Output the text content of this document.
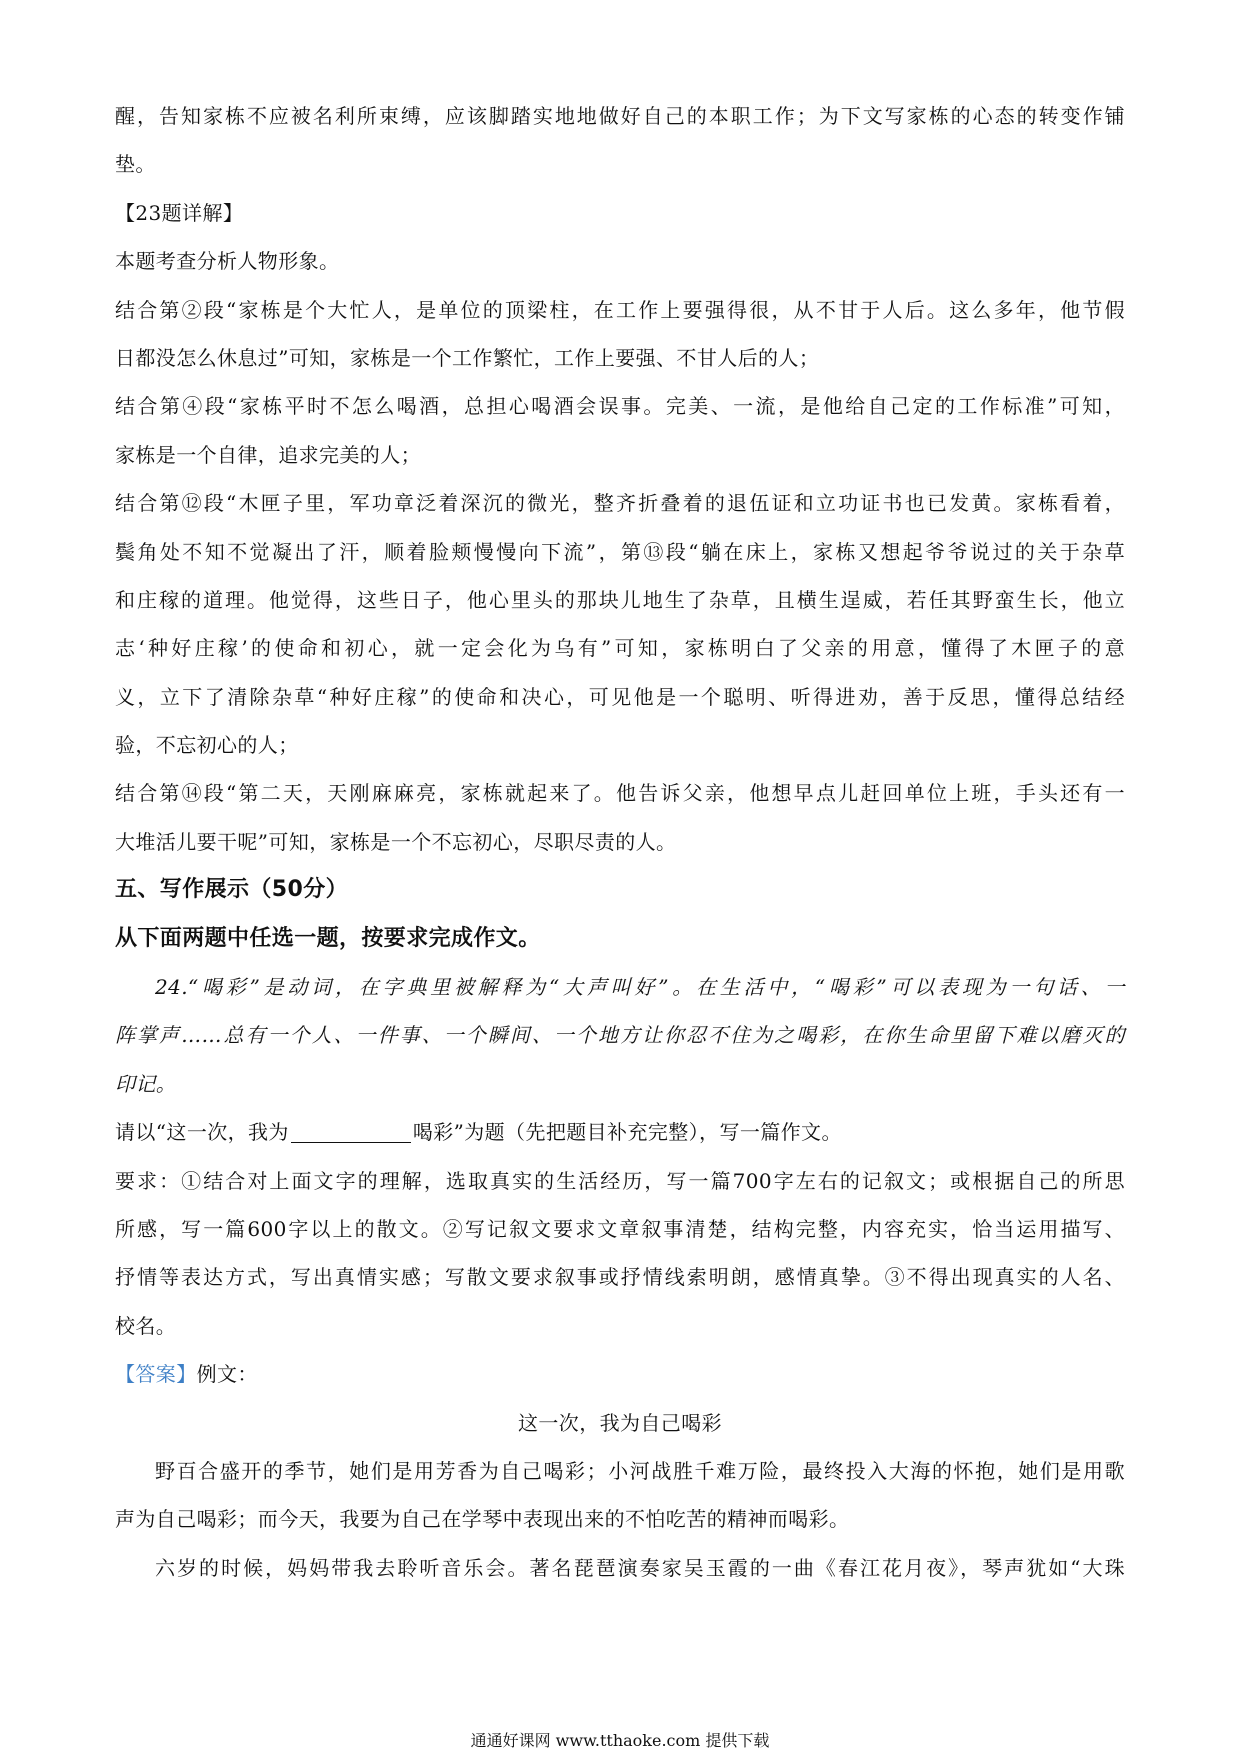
醒，告知家栋不应被名利所束缚，应该脚踏实地地做好自己的本职工作；为下文写家栋的心态的转变作铺
垫。
【23题详解】
本题考查分析人物形象。
结合第②段“家栋是个大忙人，是单位的顶梁柱，在工作上要强得很，从不甘于人后。这么多年，他节假
日都没怎么休息过”可知，家栋是一个工作繁忙，工作上要强、不甘人后的人；
结合第④段“家栋平时不怎么喝酒，总担心喝酒会误事。完美、一流，是他给自己定的工作标准”可知，
家栋是一个自律，追求完美的人；
结合第⑫段“木匣子里，军功章泛着深沉的微光，整齐折叠着的退伍证和立功证书也已发黄。家栋看着，
鬓角处不知不觉凝出了汗，顺着脸颊慢慢向下流”，第⑬段“躺在床上，家栋又想起爷爷说过的关于杂草
和庄稼的道理。他觉得，这些日子，他心里头的那块儿地生了杂草，且横生逞威，若任其野蛮生长，他立
志‘种好庄稼’的使命和初心，就一定会化为乌有”可知，家栋明白了父亲的用意，懂得了木匣子的意
义，立下了清除杂草“种好庄稼”的使命和决心，可见他是一个聪明、听得进劝，善于反思，懂得总结经
验，不忘初心的人；
结合第⑭段“第二天，天刚麻麻亮，家栋就起来了。他告诉父亲，他想早点儿赶回单位上班，手头还有一
大堆活儿要干呢”可知，家栋是一个不忘初心，尽职尽责的人。
五、写作展示（50分）
从下面两题中任选一题，按要求完成作文。
24.“喝彩”是动词，在字典里被解释为“大声叫好”。在生活中，“喝彩”可以表现为一句话、一
阵掌声……总有一个人、一件事、一个瞬间、一个地方让你忍不住为之喝彩，在你生命里留下难以磨灭的
印记。
请以“这一次，我为	喝彩”为题（先把题目补充完整），写一篇作文。
要求：①结合对上面文字的理解，选取真实的生活经历，写一篇700字左右的记叙文；或根据自己的所思
所感，写一篇600字以上的散文。②写记叙文要求文章叙事清楚，结构完整，内容充实，恰当运用描写、
抒情等表达方式，写出真情实感；写散文要求叙事或抒情线索明朗，感情真挚。③不得出现真实的人名、
校名。
【答案】例文：
这一次，我为自己喝彩
野百合盛开的季节，她们是用芳香为自己喝彩；小河战胜千难万险，最终投入大海的怀抱，她们是用歌
声为自己喝彩；而今天，我要为自己在学琴中表现出来的不怕吃苦的精神而喝彩。
六岁的时候，妈妈带我去聆听音乐会。著名琵琶演奏家吴玉霞的一曲《春江花月夜》，琴声犹如“大珠
通通好课网 www.tthaoke.com 提供下载
